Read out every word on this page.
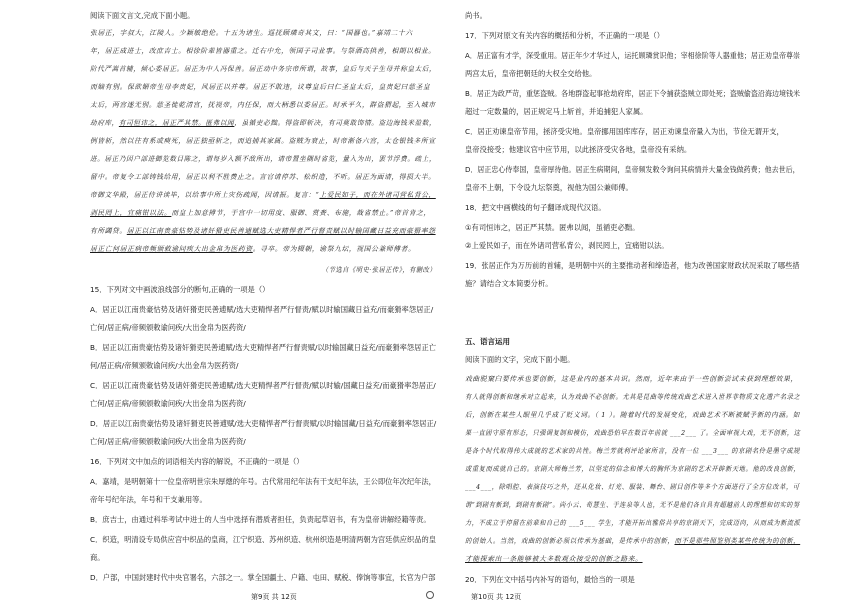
阅读下面文言文,完成下面小题。
张居正，字叔大，江陵人。少颖敏绝伦。十五为诸生。巡抚顾璘奇其文，曰：“国器也。”嘉靖二十六
年，居正成进士，改庶吉士。相徐阶辈皆器重之。迁右中允，领国子司业事。与祭酒高拱善，相期以相业。
阶代严嵩首辅，倾心委居正。居正为中人冯保善。居正动中务宗帝所谓，故事，皇后与天子生母并称皇太后，
而嫡有别。保欲媚帝生母李贵妃，风居正以并尊。居正不敢违，议尊皇后曰仁圣皇太后，皇贵妃曰慈圣皇
太后，两宫遂无别。慈圣徙乾清宫，抚视帝，内任保，而大柄悉以委居正。时承平久，群盗猬起，至入城市
劫府库，有司恒讳之，居正严其禁。匿弗以闻，虽循吏必黜。得盗即斩决，有司莫敢饰情。盗边海钱米盈数，
例皆斩，然以往有系或瘐死，居正独亟斩之，而追捕其家属。盗贼为衰止，时帝渐备六宫，太仓银钱多所宣
进。居正乃因户部进御览数目陈之，谓每岁入额不敌所出，请帝置坐隅时省览，量入为出，罢节浮费。疏上，
留中。帝复令工部铸钱给用，居正以利不胜费止之。言官请停苏、松织造，不听。居正为面请，得损大半。
帝御文华殿，居正侍讲读毕，以给事中所上灾伤疏闻，因请振。复言：“上爱民如子，而在外诸司营私背公，
剥民罔上，宜痛钳以法。而皇上加意撙节，于宫中一切用度、服御、赏赉、布施，裁省禁止。”帝首肯之，
有所蠲贷。居正以江南贵豪怙势及诸奸猾吏民善逋赋选大吏精悍者严行督责赋以时输国藏日益充而豪猾率怨
居正亡何居正病帝频颁敕谕问疾大出金帛为医药资。寻卒。帝为辍朝，谕祭九坛，视国公兼师傅者。
（节选自《明史·张居正传》，有删改）
15．下列对文中画波浪线部分的断句,正确的一项是（）
A．居正以江南贵豪怙势及诸奸猾吏民善逋赋/选大吏精悍者严行督责/赋以时输国藏日益充/而豪猾率怨居正/
亡何/居正病/帝频颁敕谕问疾/大出金帛为医药资/
B．居正以江南贵豪怙势及诸奸猾吏民善逋赋/选大吏精悍者严行督责赋/以时输国藏日益充/而豪猾率怨居正亡
何/居正病/帝频颁敕谕问疾/大出金帛为医药资/
C．居正以江南贵豪怙势及诸奸猾吏民善逋赋/选大吏精悍者严行督责/赋以时输/国藏日益充/而豪猾率怨居正/
亡何/居正病/帝频颁敕谕问疾/大出金帛为医药资/
D．居正以江南贵豪怙势及诸奸猾吏民善逋赋/选大吏精悍者严行督责赋/以时输国藏/日益充/而豪猾率怨居正/
亡何/居正病/帝频颁敕谕问疾/大出金帛为医药资/
16．下列对文中加点的词语相关内容的解说，不正确的一项是（）
A．嘉靖，是明朝第十一位皇帝明世宗朱厚熜的年号。古代常用纪年法有干支纪年法，王公即位年次纪年法，
帝年号纪年法，年号和干支兼用等。
B．庶吉士，由通过科举考试中进士的人当中选择有潜质者担任，负责起草诏书，有为皇帝讲解经籍等责。
C．织造，明清设专局供应宫中织品的皇商，江宁织造、苏州织造、杭州织造是明清两朝为宫廷供应织品的皇
商。
D．户部，中国封建时代中央官署名，六部之一。掌全国疆土、户籍、屯田、赋税、俸饷等事宜，长官为户部
尚书。
17．下列对原文有关内容的概括和分析，不正确的一项是（）
A．居正富有才学，深受重用。居正年少才华过人，运托顾璘赏识他；宰相徐阶等人器重他；居正劝皇帝尊崇
两宫太后，皇帝把朝廷的大权全交给他。
B．居正为政严苛，重惩盗贼。各地群盗起事抢劫府库，居正下令捕获盗贼立即处死；盗贼偷盗沿海边境钱米
超过一定数量的，居正规定马上斩首，并追捕犯人家属。
C．居正劝谏皇帝节用，拯济受灾地。皇帝挪用国库库存，居正劝谏皇帝量入为出，节俭无谓开支，
皇帝没接受；他建议官中应节用，以此拯济受灾各地，皇帝没有采纳。
D．居正忠心侍奉国，皇帝厚待他。居正生病期间，皇帝频发敕令询问其病情并大量金钱做药费；他去世后，
皇帝不上朝，下令设九坛祭奠，视他为国公兼师傅。
18．把文中画横线的句子翻译成现代汉语。
①有司恒讳之，居正严其禁。匿弗以闻，虽循吏必黜。
②上爱民如子，而在外诸司营私背公，剥民罔上，宜痛钳以法。
19．张居正作为万历前的首辅，是明朝中兴的主要推动者和缔造者，他为改善国家财政状况采取了哪些措
施？请结合文本简要分析。
五、语言运用
阅读下面的文字，完成下面小题。
戏曲脱窠臼要传承也要创新，这是业内的基本共识。然而，近年来由于一些创新尝试未获到理想效果，
有人就得创新和继承对立起来，认为戏曲不必创新。尤其是昆曲等传统戏曲艺术进入世界非物质文化遗产名录之
后，创新在某些人眼里几乎成了贬义词。（ 1 ）。随着时代的发展变化，戏曲艺术不断被赋予新的内涵。如
果一直固守原有形态，只强调复制和模仿，戏曲恐怕早在数百年前就 ___2___ 了。全面审视大戏，无不创新，这
是各个时代取得伟大成就的艺术家的共性。梅兰芳就利评论家所言，没有一位 ___3___ 的京剧名伶是墨守成规
或重复而成就自己的。京剧大师梅兰芳，以坚定的信念和博大的胸怀为京剧的艺术开辟新天地。他的改良创新，
___4___，除唱腔、表演技巧之外，还从化妆、灯光、服装、舞台、剧目创作等多个方面进行了全方位改革，可
谓“到剧有新到，到剧有新剧”。尚小云、荀慧生、于连泉等人也，无不是他们各自具有超越前人的理想和切实的努
力，不成立于停留在前辈和自己的 ___5___ 学生，才能开拓出雅俗共享的京剧天下，完成迈向，从而成为新流派
的创始人。当然，戏曲的创新必须以传承为基础，是传承中的创新，而不是那些照鉴别类某些传统为的创新，
才能探索出一条能够被大多数观众接受的创新之路来。
20．下列在文中括号内补写的语句，最恰当的一项是
第9页 共 12页	第10页 共 12页
